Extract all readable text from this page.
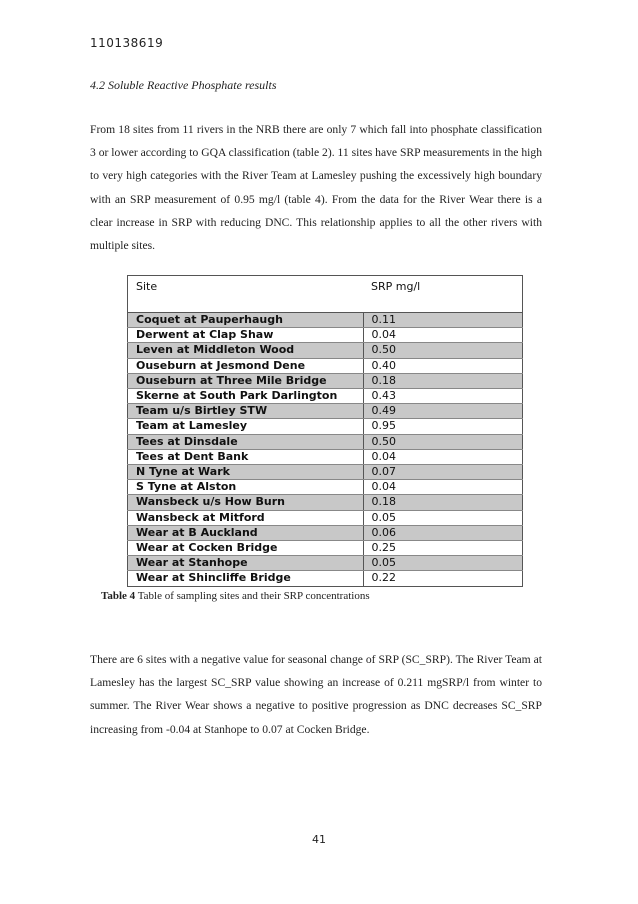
110138619
4.2 Soluble Reactive Phosphate results

From 18 sites from 11 rivers in the NRB there are only 7 which fall into phosphate classification 3 or lower according to GQA classification (table 2). 11 sites have SRP measurements in the high to very high categories with the River Team at Lamesley pushing the excessively high boundary with an SRP measurement of 0.95 mg/l (table 4). From the data for the River Wear there is a clear increase in SRP with reducing DNC. This relationship applies to all the other rivers with multiple sites.

Site	SRP mg/l
Coquet at Pauperhaugh	0.11
Derwent at Clap Shaw	0.04
Leven at Middleton Wood	0.50
Ouseburn at Jesmond Dene	0.40
Ouseburn at Three Mile Bridge	0.18
Skerne at South Park Darlington	0.43
Team u/s Birtley STW	0.49
Team at Lamesley	0.95
Tees at Dinsdale	0.50
Tees at Dent Bank	0.04
N Tyne at Wark	0.07
S Tyne at Alston	0.04
Wansbeck u/s How Burn	0.18
Wansbeck at Mitford	0.05
Wear at B Auckland	0.06
Wear at Cocken Bridge	0.25
Wear at Stanhope	0.05
Wear at Shincliffe Bridge	0.22
Table 4 Table of sampling sites and their SRP concentrations

There are 6 sites with a negative value for seasonal change of SRP (SC_SRP). The River Team at Lamesley has the largest SC_SRP value showing an increase of 0.211 mgSRP/l from winter to summer. The River Wear shows a negative to positive progression as DNC decreases SC_SRP increasing from -0.04 at Stanhope to 0.07 at Cocken Bridge.

41
